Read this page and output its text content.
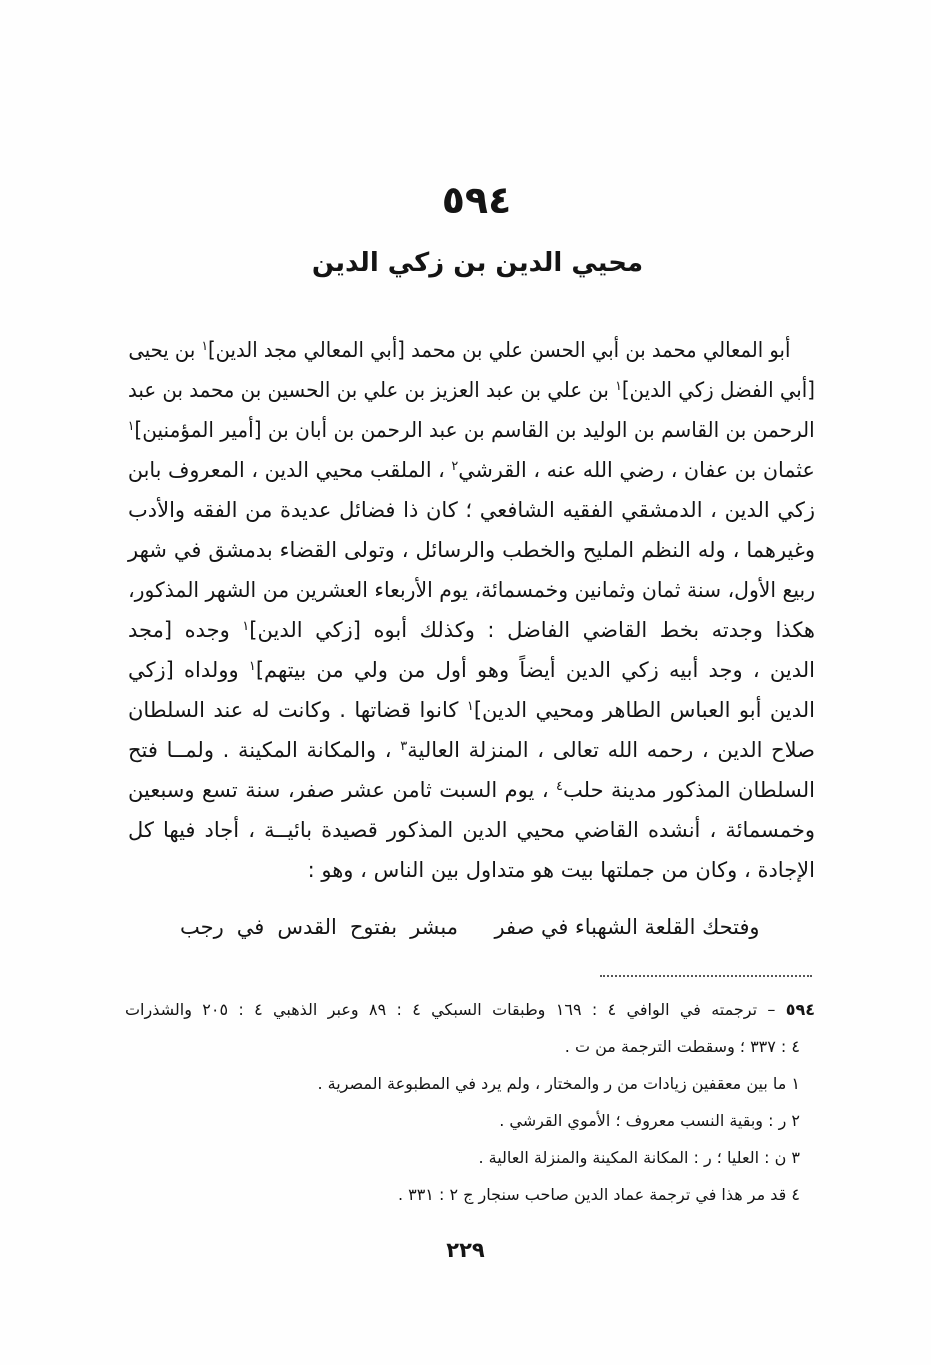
٥٩٤
محيي الدين بن زكي الدين
أبو المعالي محمد بن أبي الحسن علي بن محمد [أبي المعالي مجد الدين]$^١$ بن يحيى
[أبي الفضل زكي الدين]$^١$ بن علي بن عبد العزيز بن علي بن الحسين بن محمد بن عبد
الرحمن بن القاسم بن الوليد بن القاسم بن عبد الرحمن بن أبان بن [أمير المؤمنين]$^١$
عثمان بن عفان ، رضي الله عنه ، القرشي$^٢$ ، الملقب محيي الدين ، المعروف بابن
زكي الدين ، الدمشقي الفقيه الشافعي ؛ كان ذا فضائل عديدة من الفقه والأدب
وغيرهما ، وله النظم المليح والخطب والرسائل ، وتولى القضاء بدمشق في شهر
ربيع الأول، سنة ثمان وثمانين وخمسمائة، يوم الأربعاء العشرين من الشهر المذكور،
هكذا وجدته بخط القاضي الفاضل : وكذلك أبوه [زكي الدين]$^١$ وجده [مجد
الدين ، وجد أبيه زكي الدين أيضاً وهو أول من ولي من بيتهم]$^١$ وولداه [زكي
الدين أبو العباس الطاهر ومحيي الدين]$^١$ كانوا قضاتها . وكانت له عند السلطان
صلاح الدين ، رحمه الله تعالى ، المنزلة العالية$^٣$ ، والمكانة المكينة . ولمــا فتح
السلطان المذكور مدينة حلب$^٤$ ، يوم السبت ثامن عشر صفر، سنة تسع وسبعين
وخمسمائة ، أنشده القاضي محيي الدين المذكور قصيدة بائيــة ، أجاد فيها كل
الإجادة ، وكان من جملتها بيت هو متداول بين الناس ، وهو :
وفتحك القلعة الشهباء في صفر
مبشر بفتوح القدس في رجب
٥٩٤ – ترجمته في الوافي ٤ : ١٦٩ وطبقات السبكي ٤ : ٨٩ وعبر الذهبي ٤ : ٢٠٥ والشذرات
٤ : ٣٣٧ ؛ وسقطت الترجمة من ت .
١ ما بين معقفين زيادات من ر والمختار ، ولم يرد في المطبوعة المصرية .
٢ ر : وبقية النسب معروف ؛ الأموي القرشي .
٣ ن : العليا ؛ ر : المكانة المكينة والمنزلة العالية .
٤ قد مر هذا في ترجمة عماد الدين صاحب سنجار ج ٢ : ٣٣١ .
٢٢٩
